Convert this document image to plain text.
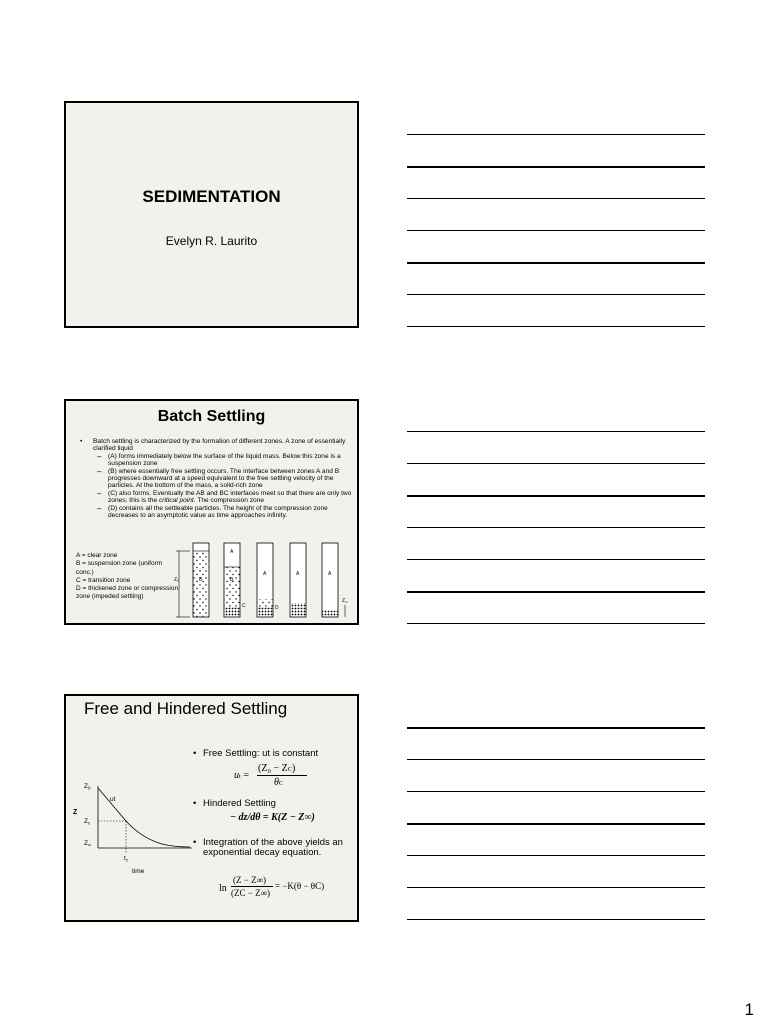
SEDIMENTATION
Evelyn R. Laurito
Batch Settling
• Batch settling is characterized by the formation of different zones. A zone of essentially clarified liquid
– (A) forms immediately below the surface of the liquid mass. Below this zone is a suspension zone
– (B) where essentially free settling occurs. The interface between zones A and B progresses downward at a speed equivalent to the free settling velocity of the particles. At the bottom of the mass, a solid-rich zone
– (C) also forms. Eventually the AB and BC interfaces meet so that there are only two zones; this is the critical point. The compression zone
– (D) contains all the settleable particles. The height of the compression zone decreases to an asymptotic value as time approaches infinity.
A = clear zone
B = suspension zone (uniform conc.)
C = transition zone
D = thickened zone or compression zone (impeded settling)
$Z_0$	B
A
B
C
A
D
A	A
$Z_\infty$
Free and Hindered Settling
$Z_0$
ut
Z
$Z_c$
$Z_\infty$
$t_c$
time
• Free Settling: ut is constant
ut =
(Z₀ − ZC)
θC
• Hindered Settling
− dz/dθ = K(Z − Z∞)
• Integration of the above yields an exponential decay equation.
ln
(Z − Z∞)
(ZC − Z∞)
= −K(θ − θC)
1
